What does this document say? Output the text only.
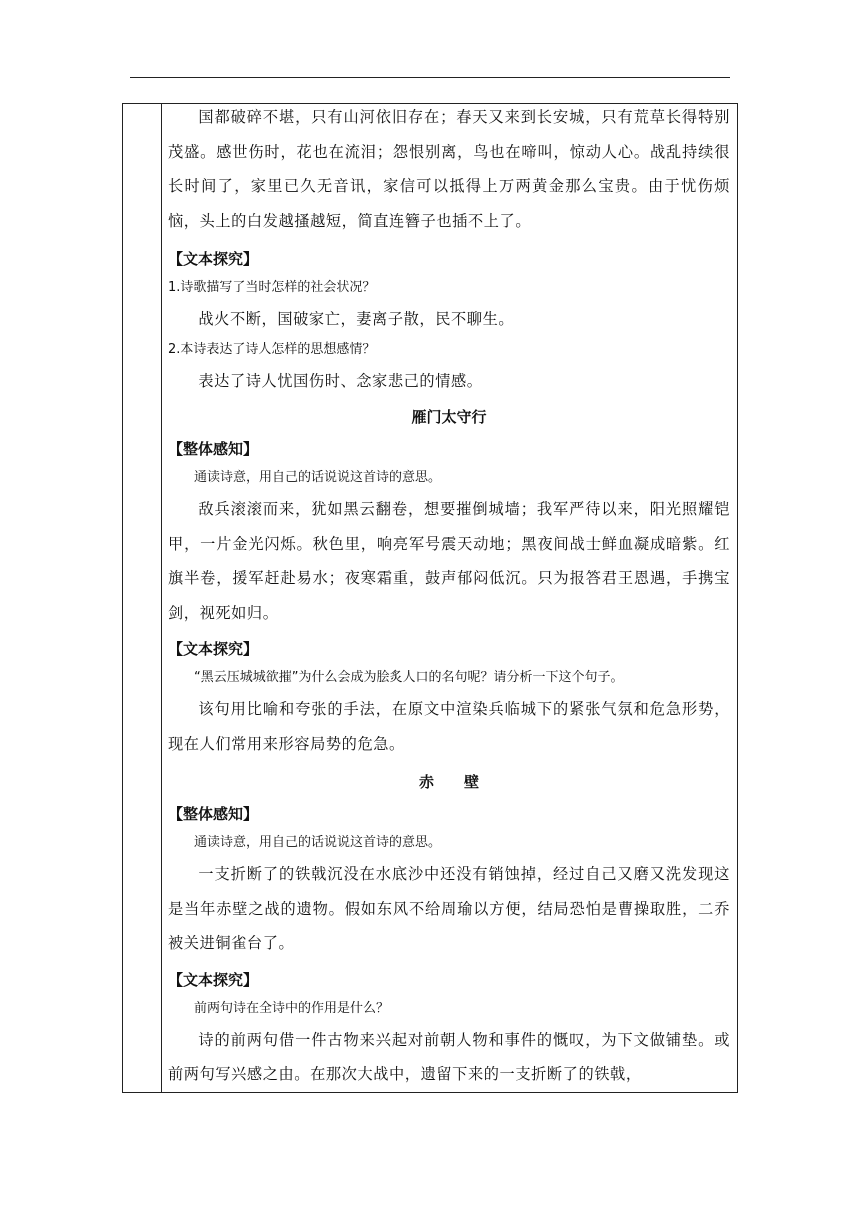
国都破碎不堪，只有山河依旧存在；春天又来到长安城，只有荒草长得特别茂盛。感世伤时，花也在流泪；怨恨别离，鸟也在啼叫，惊动人心。战乱持续很长时间了，家里已久无音讯，家信可以抵得上万两黄金那么宝贵。由于忧伤烦恼，头上的白发越搔越短，简直连簪子也插不上了。

【文本探究】

1.诗歌描写了当时怎样的社会状况？

战火不断，国破家亡，妻离子散，民不聊生。

2.本诗表达了诗人怎样的思想感情？

表达了诗人忧国伤时、念家悲己的情感。

雁门太守行

【整体感知】

通读诗意，用自己的话说说这首诗的意思。

敌兵滚滚而来，犹如黑云翻卷，想要摧倒城墙；我军严待以来，阳光照耀铠甲，一片金光闪烁。秋色里，响亮军号震天动地；黑夜间战士鲜血凝成暗紫。红旗半卷，援军赶赴易水；夜寒霜重，鼓声郁闷低沉。只为报答君王恩遇，手携宝剑，视死如归。

【文本探究】

“黑云压城城欲摧”为什么会成为脍炙人口的名句呢？请分析一下这个句子。

该句用比喻和夸张的手法，在原文中渲染兵临城下的紧张气氛和危急形势，现在人们常用来形容局势的危急。

赤　　壁

【整体感知】

通读诗意，用自己的话说说这首诗的意思。

一支折断了的铁戟沉没在水底沙中还没有销蚀掉，经过自己又磨又洗发现这是当年赤壁之战的遗物。假如东风不给周瑜以方便，结局恐怕是曹操取胜，二乔被关进铜雀台了。

【文本探究】

前两句诗在全诗中的作用是什么？

诗的前两句借一件古物来兴起对前朝人物和事件的慨叹，为下文做铺垫。或前两句写兴感之由。在那次大战中，遗留下来的一支折断了的铁戟，
